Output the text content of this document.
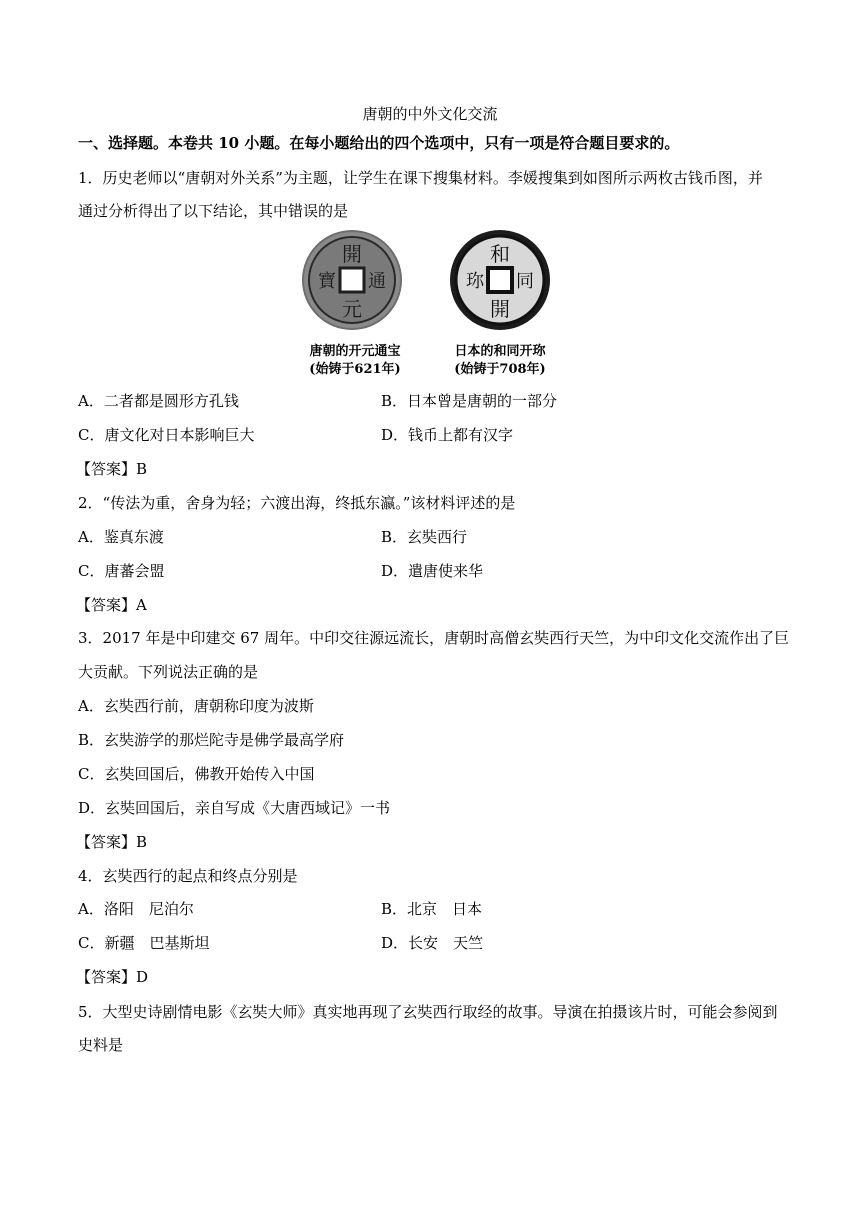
唐朝的中外文化交流
一、选择题。本卷共 10 小题。在每小题给出的四个选项中，只有一项是符合题目要求的。
1．历史老师以“唐朝对外关系”为主题，让学生在课下搜集材料。李媛搜集到如图所示两枚古钱币图，并
通过分析得出了以下结论，其中错误的是
開
元
通
寶
和
同
開
珎
唐朝的开元通宝
(始铸于621年)
日本的和同开珎
(始铸于708年)
A．二者都是圆形方孔钱	B．日本曾是唐朝的一部分
C．唐文化对日本影响巨大	D．钱币上都有汉字
【答案】B
2．“传法为重，舍身为轻；六渡出海，终抵东瀛。”该材料评述的是
A．鉴真东渡	B．玄奘西行
C．唐蕃会盟	D．遣唐使来华
【答案】A
3．2017 年是中印建交 67 周年。中印交往源远流长，唐朝时高僧玄奘西行天竺，为中印文化交流作出了巨
大贡献。下列说法正确的是
A．玄奘西行前，唐朝称印度为波斯
B．玄奘游学的那烂陀寺是佛学最高学府
C．玄奘回国后，佛教开始传入中国
D．玄奘回国后，亲自写成《大唐西域记》一书
【答案】B
4．玄奘西行的起点和终点分别是
A．洛阳　尼泊尔	B．北京　日本
C．新疆　巴基斯坦	D．长安　天竺
【答案】D
5．大型史诗剧情电影《玄奘大师》真实地再现了玄奘西行取经的故事。导演在拍摄该片时，可能会参阅到
史料是
